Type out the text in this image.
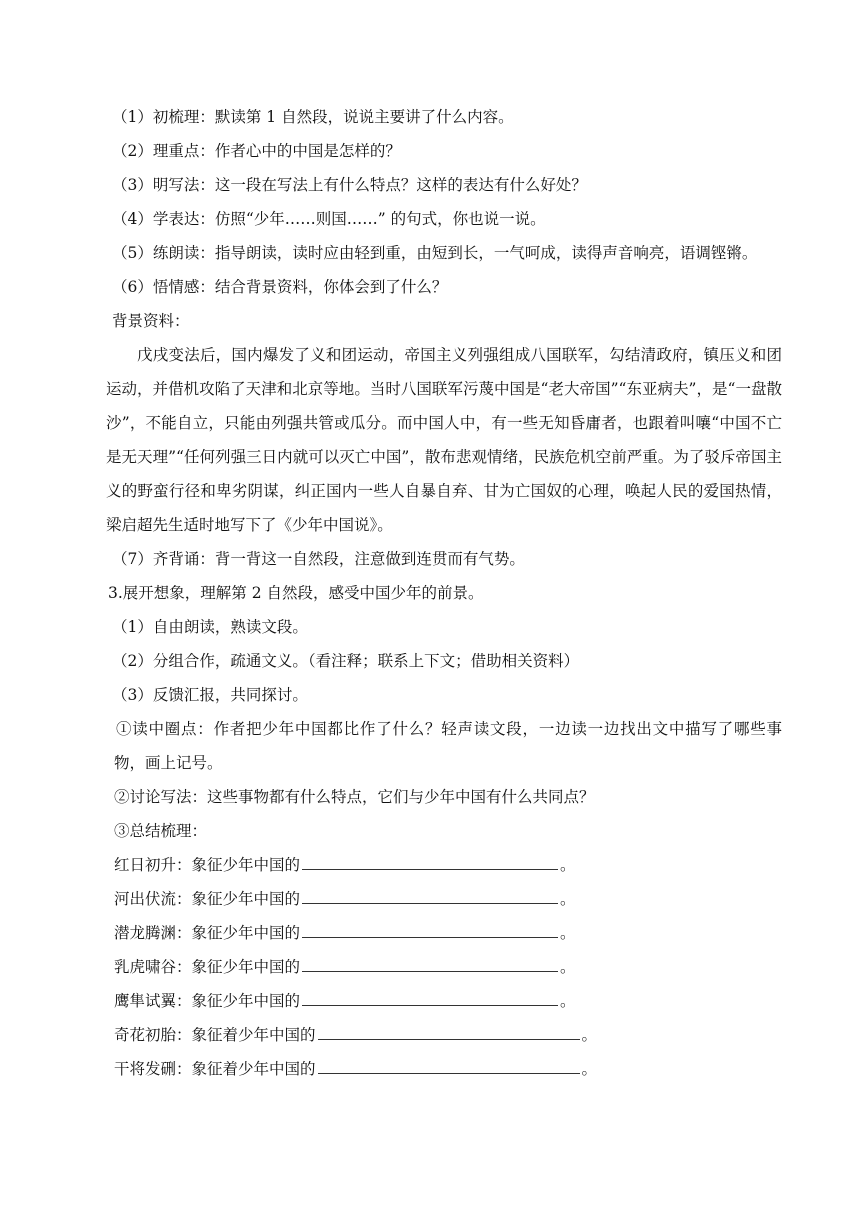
（1）初梳理：默读第 1 自然段，说说主要讲了什么内容。

（2）理重点：作者心中的中国是怎样的？

（3）明写法：这一段在写法上有什么特点？这样的表达有什么好处？

（4）学表达：仿照“少年……则国……” 的句式，你也说一说。

（5）练朗读：指导朗读，读时应由轻到重，由短到长，一气呵成，读得声音响亮，语调铿锵。

（6）悟情感：结合背景资料，你体会到了什么？

背景资料：

戊戌变法后，国内爆发了义和团运动，帝国主义列强组成八国联军，勾结清政府，镇压义和团运动，并借机攻陷了天津和北京等地。当时八国联军污蔑中国是“老大帝国”“东亚病夫”，是“一盘散沙”，不能自立，只能由列强共管或瓜分。而中国人中，有一些无知昏庸者，也跟着叫嚷“中国不亡是无天理”“任何列强三日内就可以灭亡中国”，散布悲观情绪，民族危机空前严重。为了驳斥帝国主义的野蛮行径和卑劣阴谋，纠正国内一些人自暴自弃、甘为亡国奴的心理，唤起人民的爱国热情，梁启超先生适时地写下了《少年中国说》。

（7）齐背诵：背一背这一自然段，注意做到连贯而有气势。

3.展开想象，理解第 2 自然段，感受中国少年的前景。

（1）自由朗读，熟读文段。

（2）分组合作，疏通文义。（看注释；联系上下文；借助相关资料）

（3）反馈汇报，共同探讨。

①读中圈点：作者把少年中国都比作了什么？轻声读文段，一边读一边找出文中描写了哪些事物，画上记号。

②讨论写法：这些事物都有什么特点，它们与少年中国有什么共同点？

③总结梳理：

红日初升：象征少年中国的	。
河出伏流：象征少年中国的	。
潜龙腾渊：象征少年中国的	。
乳虎啸谷：象征少年中国的	。
鹰隼试翼：象征少年中国的	。
奇花初胎：象征着少年中国的	。
干将发硎：象征着少年中国的	。
